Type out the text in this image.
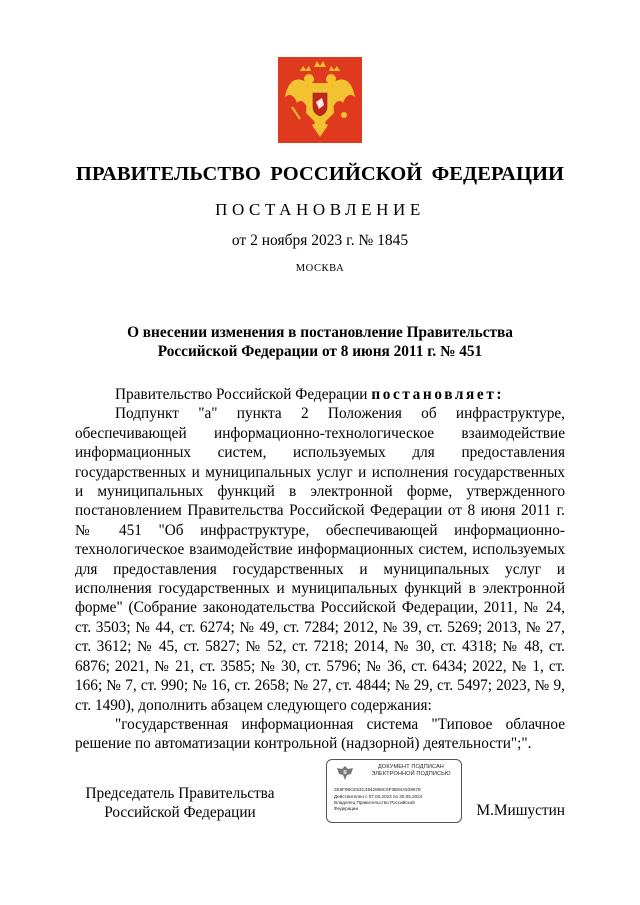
ПРАВИТЕЛЬСТВО РОССИЙСКОЙ ФЕДЕРАЦИИ
ПОСТАНОВЛЕНИЕ
от 2 ноября 2023 г. № 1845
МОСКВА
О внесении изменения в постановление Правительства
Российской Федерации от 8 июня 2011 г. № 451

Правительство Российской Федерации постановляет:

Подпункт "а" пункта 2 Положения об инфраструктуре, обеспечивающей информационно-технологическое взаимодействие информационных систем, используемых для предоставления государственных и муниципальных услуг и исполнения государственных и муниципальных функций в электронной форме, утвержденного постановлением Правительства Российской Федерации от 8 июня 2011 г. № 451 "Об инфраструктуре, обеспечивающей информационно-технологическое взаимодействие информационных систем, используемых для предоставления государственных и муниципальных услуг и исполнения государственных и муниципальных функций в электронной форме" (Собрание законодательства Российской Федерации, 2011, № 24, ст. 3503; № 44, ст. 6274; № 49, ст. 7284; 2012, № 39, ст. 5269; 2013, № 27, ст. 3612; № 45, ст. 5827; № 52, ст. 7218; 2014, № 30, ст. 4318; № 48, ст. 6876; 2021, № 21, ст. 3585; № 30, ст. 5796; № 36, ст. 6434; 2022, № 1, ст. 166; № 7, ст. 990; № 16, ст. 2658; № 27, ст. 4844; № 29, ст. 5497; 2023, № 9, ст. 1490), дополнить абзацем следующего содержания:

"государственная информационная система "Типовое облачное решение по автоматизации контрольной (надзорной) деятельности";".

Председатель Правительства
Российской Федерации
ДОКУМЕНТ ПОДПИСАН
ЭЛЕКТРОННОЙ ПОДПИСЬЮ
2E6F98CE53C4942866C6F3B94A53967E
Действителен с 07.03.2023 по 30.05.2024
Владелец Правительство Российской
Федерации	М.Мишустин
